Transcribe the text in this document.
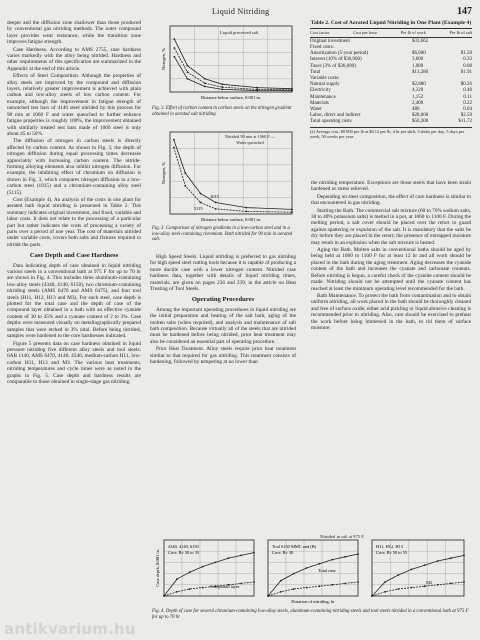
Liquid Nitriding	147

deeper and the diffusion zone shallower than those produced by conventional gas nitriding methods. The outer compound layer provides wear resistance, while the transition zone improves fatigue strength.

Case Hardness. According to AMS 2755, case hardness varies markedly with the alloy being nitrided. Hardness and other requirements of this specification are summarized in the Appendix at the end of this article.

Effects of Steel Composition. Although the properties of alloy steels are improved by the compound and diffusion layers, relatively greater improvement is achieved with plain carbon and low-alloy steels of low carbon content. For example, although the improvement in fatigue strength of unnotched test bars of 4140 steel nitrided by this process for 90 min at 1060 F and water quenched to further enhance fatigue properties is roughly 100%, the improvement obtained with similarly treated test bars made of 1060 steel is only about 45 to 50%.

The diffusion of nitrogen in carbon steels is directly affected by carbon content. As shown in Fig. 3, the depth of nitrogen diffusion during equal processing times decreases appreciably with increasing carbon content. The nitride-forming alloying elements also inhibit nitrogen diffusion. For example, the inhibiting effect of chromium on diffusion is shown in Fig. 3, which compares nitrogen diffusion in a low-carbon steel (1015) and a chromium-containing alloy steel (5115).

Cost (Example 4). An analysis of the costs in one plant for aerated bath liquid nitriding is presented in Table 2. This summary indicates original investment, and fixed, variable and labor costs. It does not relate to the processing of a particular part but rather indicates the costs of processing a variety of parts over a period of one year. The cost of materials nitrided under variable costs, covers both salts and fixtures required to nitride the parts.

Case Depth and Case Hardness

Data indicating depth of case obtained in liquid nitriding various steels in a conventional bath at 975 F for up to 70 hr are shown in Fig. 4. This includes three aluminum-containing low-alloy steels (4340, 4140, 6150), two chromium-containing nitriding steels (AMS 6470 and AMS 6475), and four tool steels (H11, H12, H13 and M3). For each steel, case depth is plotted for the total case and the depth of case of the compound layer obtained in a bath with an effective cyanide content of 30 to 35% and a cyanate content of 2 to 3%. Case depths were measured visually on metallographically prepared samples that were etched in 3% nital. Before being nitrided, samples were hardened to the core hardnesses indicated.

Figure 5 presents data on case hardness obtained in liquid pressure nitriding five different alloy steels and tool steels: 6AB 1140, AMS 6470, 4140, 4340, medium-carbon H11, low-carbon H11, H13 and M3. The various heat treatments, nitriding temperatures and cycle times were as noted in the graphs in Fig. 5. Case depth and hardness results are comparable to those obtained in single-stage gas nitriding.

Distance below surface, 0.001 in.
Nitrogen, %
Liquid processed salt
Fig. 2. Effect of carbon content in carbon steels on the nitrogen gradient obtained in aerated salt nitriding
Distance below surface, 0.001 in.
Nitrogen, %
1015
5115
Nitrided 90 min at 1060 F — Water quenched
Fig. 3. Comparison of nitrogen gradients in a low-carbon steel and in a low-alloy steel containing chromium. Both nitrided for 90 min in aerated salt.

High Speed Steels. Liquid nitriding is preferred to gas nitriding for high speed steel cutting tools because it is capable of producing a more ductile case with a lower nitrogen content. Nitrided case hardness data, together with details of liquid nitriding times, materials, are given on pages 236 and 239, in the article on Heat Treating of Tool Steels.

Operating Procedures

Among the important operating procedures in liquid nitriding are the initial preparation and heating of the salt bath, aging of the molten salts (when required), and analysis and maintenance of salt bath composition. Because virtually all of the steels that are nitrided must be hardened before being nitrided, prior heat treatment may also be considered an essential part of operating procedure.

Prior Heat Treatment. Alloy steels require prior heat treatment similar to that required for gas nitriding. This treatment consists of hardening, followed by tempering at no lower than

Table 2. Cost of Aerated Liquid Nitriding in One Plant (Example 4)
Cost factor	Cost per hour	Per lb of work	Per lb of salt
Original investment	$33,662
Fixed costs:
Amortization (5-year period)	$6,600	$1.50
Interest (10% of $36,000)	3,600	0.33
Taxes (3% of $36,000)	1,080	0.08
Total	$11,280	$1.91
Variable costs:
Natural supply	$2,880	$0.26
Electricity	4,320	0.40
Maintenance	1,152	0.11
Materials	2,400	0.22
Water	480	0.04
Labor, direct and indirect	$28,000	$2.59
Total operating costs	$50,300	$11.72
(a) Average cost, $0.900 per lb at $0.12 per lb, 4 hr per shift, 3 shifts per day, 5 days per week, 50 weeks per year.

the nitriding temperature. Exceptions are those steels that have been strain hardened or stress relieved.

Depending on steel composition, the effect of core hardness is similar to that encountered in gas nitriding.

Starting the Bath. The commercial salt mixture (60 to 70% sodium salts, 30 to 40% potassium salts) is melted in a pot, at 1060 to 1100 F. During the melting period, a salt cover should be placed over the retort to guard against spattering or expulsion of the salt. It is mandatory that the salts be dry before they are placed in the retort; the presence of entrapped moisture may result in an explosion when the salt mixture is heated.

Aging the Bath. Molten salts in conventional baths should be aged by being held at 1060 to 1100 F for at least 12 hr and all work should be placed in the bath during the aging treatment. Aging decreases the cyanide content of the bath and increases the cyanate and carbonate contents. Before nitriding is begun, a careful check of the cyanide content should be made. Nitriding should not be attempted until the cyanate content has reached at least the minimum operating level recommended for the bath.

Bath Maintenance. To protect the bath from contamination and to obtain uniform nitriding, all work placed in the bath should be thoroughly cleaned and free of surface oxide; either acid pickling or liquid abrasive cleaning is recommended prior to nitriding. Also, care should be exercised to preheat the work before being immersed in the bath, to rid them of surface moisture.

Case depth, 0.001 in.
4340, 4140, 6150
Core, Rc 30 to 35
Compound layer
Duration of nitriding, hr
Tool 6150 MMC and (B)
Core, Rc 30
Total case
H11, H12, H13
Core, Rc 50 to 55
M2
Nitrided in salt at 975 F
Fig. 4. Depth of case for several chromium-containing low-alloy steels, aluminum-containing nitriding steels and tool steels nitrided in a conventional bath at 975 F for up to 70 hr
antikvarium.hu
